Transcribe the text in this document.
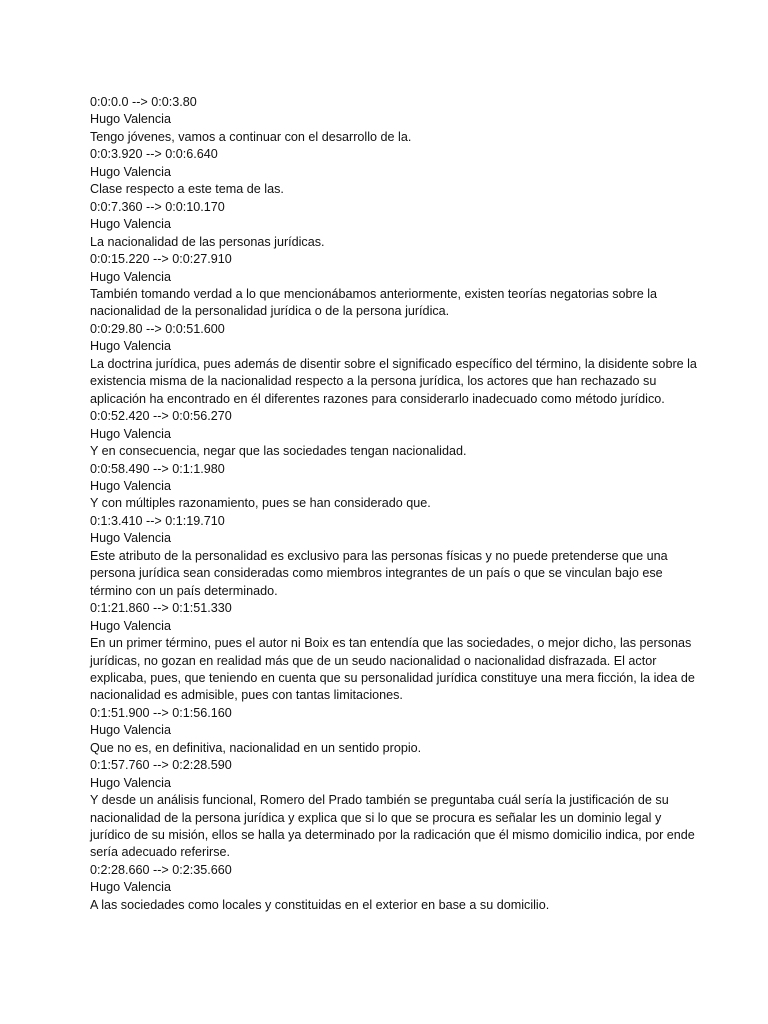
0:0:0.0 --> 0:0:3.80
Hugo Valencia
Tengo jóvenes, vamos a continuar con el desarrollo de la.
0:0:3.920 --> 0:0:6.640
Hugo Valencia
Clase respecto a este tema de las.
0:0:7.360 --> 0:0:10.170
Hugo Valencia
La nacionalidad de las personas jurídicas.
0:0:15.220 --> 0:0:27.910
Hugo Valencia
También tomando verdad a lo que mencionábamos anteriormente, existen teorías negatorias sobre la nacionalidad de la personalidad jurídica o de la persona jurídica.
0:0:29.80 --> 0:0:51.600
Hugo Valencia
La doctrina jurídica, pues además de disentir sobre el significado específico del término, la disidente sobre la existencia misma de la nacionalidad respecto a la persona jurídica, los actores que han rechazado su aplicación ha encontrado en él diferentes razones para considerarlo inadecuado como método jurídico.
0:0:52.420 --> 0:0:56.270
Hugo Valencia
Y en consecuencia, negar que las sociedades tengan nacionalidad.
0:0:58.490 --> 0:1:1.980
Hugo Valencia
Y con múltiples razonamiento, pues se han considerado que.
0:1:3.410 --> 0:1:19.710
Hugo Valencia
Este atributo de la personalidad es exclusivo para las personas físicas y no puede pretenderse que una persona jurídica sean consideradas como miembros integrantes de un país o que se vinculan bajo ese término con un país determinado.
0:1:21.860 --> 0:1:51.330
Hugo Valencia
En un primer término, pues el autor ni Boix es tan entendía que las sociedades, o mejor dicho, las personas jurídicas, no gozan en realidad más que de un seudo nacionalidad o nacionalidad disfrazada. El actor explicaba, pues, que teniendo en cuenta que su personalidad jurídica constituye una mera ficción, la idea de nacionalidad es admisible, pues con tantas limitaciones.
0:1:51.900 --> 0:1:56.160
Hugo Valencia
Que no es, en definitiva, nacionalidad en un sentido propio.
0:1:57.760 --> 0:2:28.590
Hugo Valencia
Y desde un análisis funcional, Romero del Prado también se preguntaba cuál sería la justificación de su nacionalidad de la persona jurídica y explica que si lo que se procura es señalar les un dominio legal y jurídico de su misión, ellos se halla ya determinado por la radicación que él mismo domicilio indica, por ende sería adecuado referirse.
0:2:28.660 --> 0:2:35.660
Hugo Valencia
A las sociedades como locales y constituidas en el exterior en base a su domicilio.
